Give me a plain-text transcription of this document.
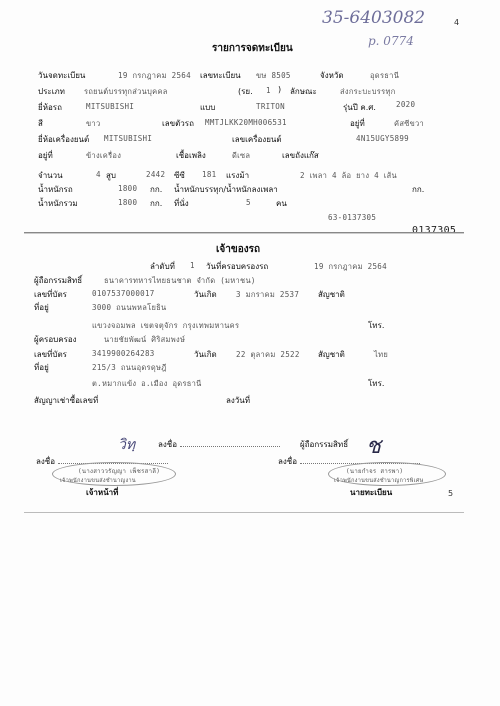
35-6403082	4
p. 0774
รายการจดทะเบียน
วันจดทะเบียน	19 กรกฎาคม 2564 เลขทะเบียน ขษ 8505	จังหวัด	อุดรธานี
ประเภท	รถยนต์บรรทุกส่วนบุคคล	(รย. 1 ) ลักษณะ	ส่งกระบะบรรทุก
ยี่ห้อรถ	MITSUBISHI	แบบ	TRITON	รุ่นปี ค.ศ.	2020
สี	ขาว	เลขตัวรถ MMTJLKK20MH006531	อยู่ที่	คัสซีขวา
ยี่ห้อเครื่องยนต์ MITSUBISHI	เลขเครื่องยนต์	4N15UGY5899
อยู่ที่	ข้างเครื่อง	เชื้อเพลิง	ดีเซล	เลขถังแก๊ส
จำนวน	4 สูบ	2442 ซีซี 181 แรงม้า	2 เพลา 4 ล้อ ยาง 4 เส้น
น้ำหนักรถ	1800 กก. น้ำหนักบรรทุก/น้ำหนักลงเพลา	กก.
น้ำหนักรวม	1800 กก. ที่นั่ง	5	คน
63-0137305
0137305
เจ้าของรถ
ลำดับที่ 1 วันที่ครอบครองรถ	19 กรกฎาคม 2564
ผู้ถือกรรมสิทธิ์	ธนาคารทหารไทยธนชาต จำกัด (มหาชน)
เลขที่บัตร	0107537000017	วันเกิด	3 มกราคม 2537 สัญชาติ
ที่อยู่	3000 ถนนพหลโยธิน
แขวงจอมพล เขตจตุจักร กรุงเทพมหานคร	โทร.
ผู้ครอบครอง	นายชัยพัฒน์ ศิริสมพงษ์
เลขที่บัตร	3419900264283	วันเกิด	22 ตุลาคม 2522 สัญชาติ	ไทย
ที่อยู่	215/3 ถนนอุดรดุษฎี
ต.หมากแข้ง อ.เมือง อุดรธานี	โทร.
สัญญาเช่าซื้อเลขที่	ลงวันที่
วิทฺ	ลงชื่อ	ผู้ถือกรรมสิทธิ์ ช
ลงชื่อ	ลงชื่อ
(นางสาววรัญญา เพ็ชรสาลี)
เจ้าพนักงานขนส่งชำนาญงาน
(นายกำจร สารพา)
เจ้าพนักงานขนส่งชำนาญการพิเศษ
เจ้าหน้าที่	นายทะเบียน	5
